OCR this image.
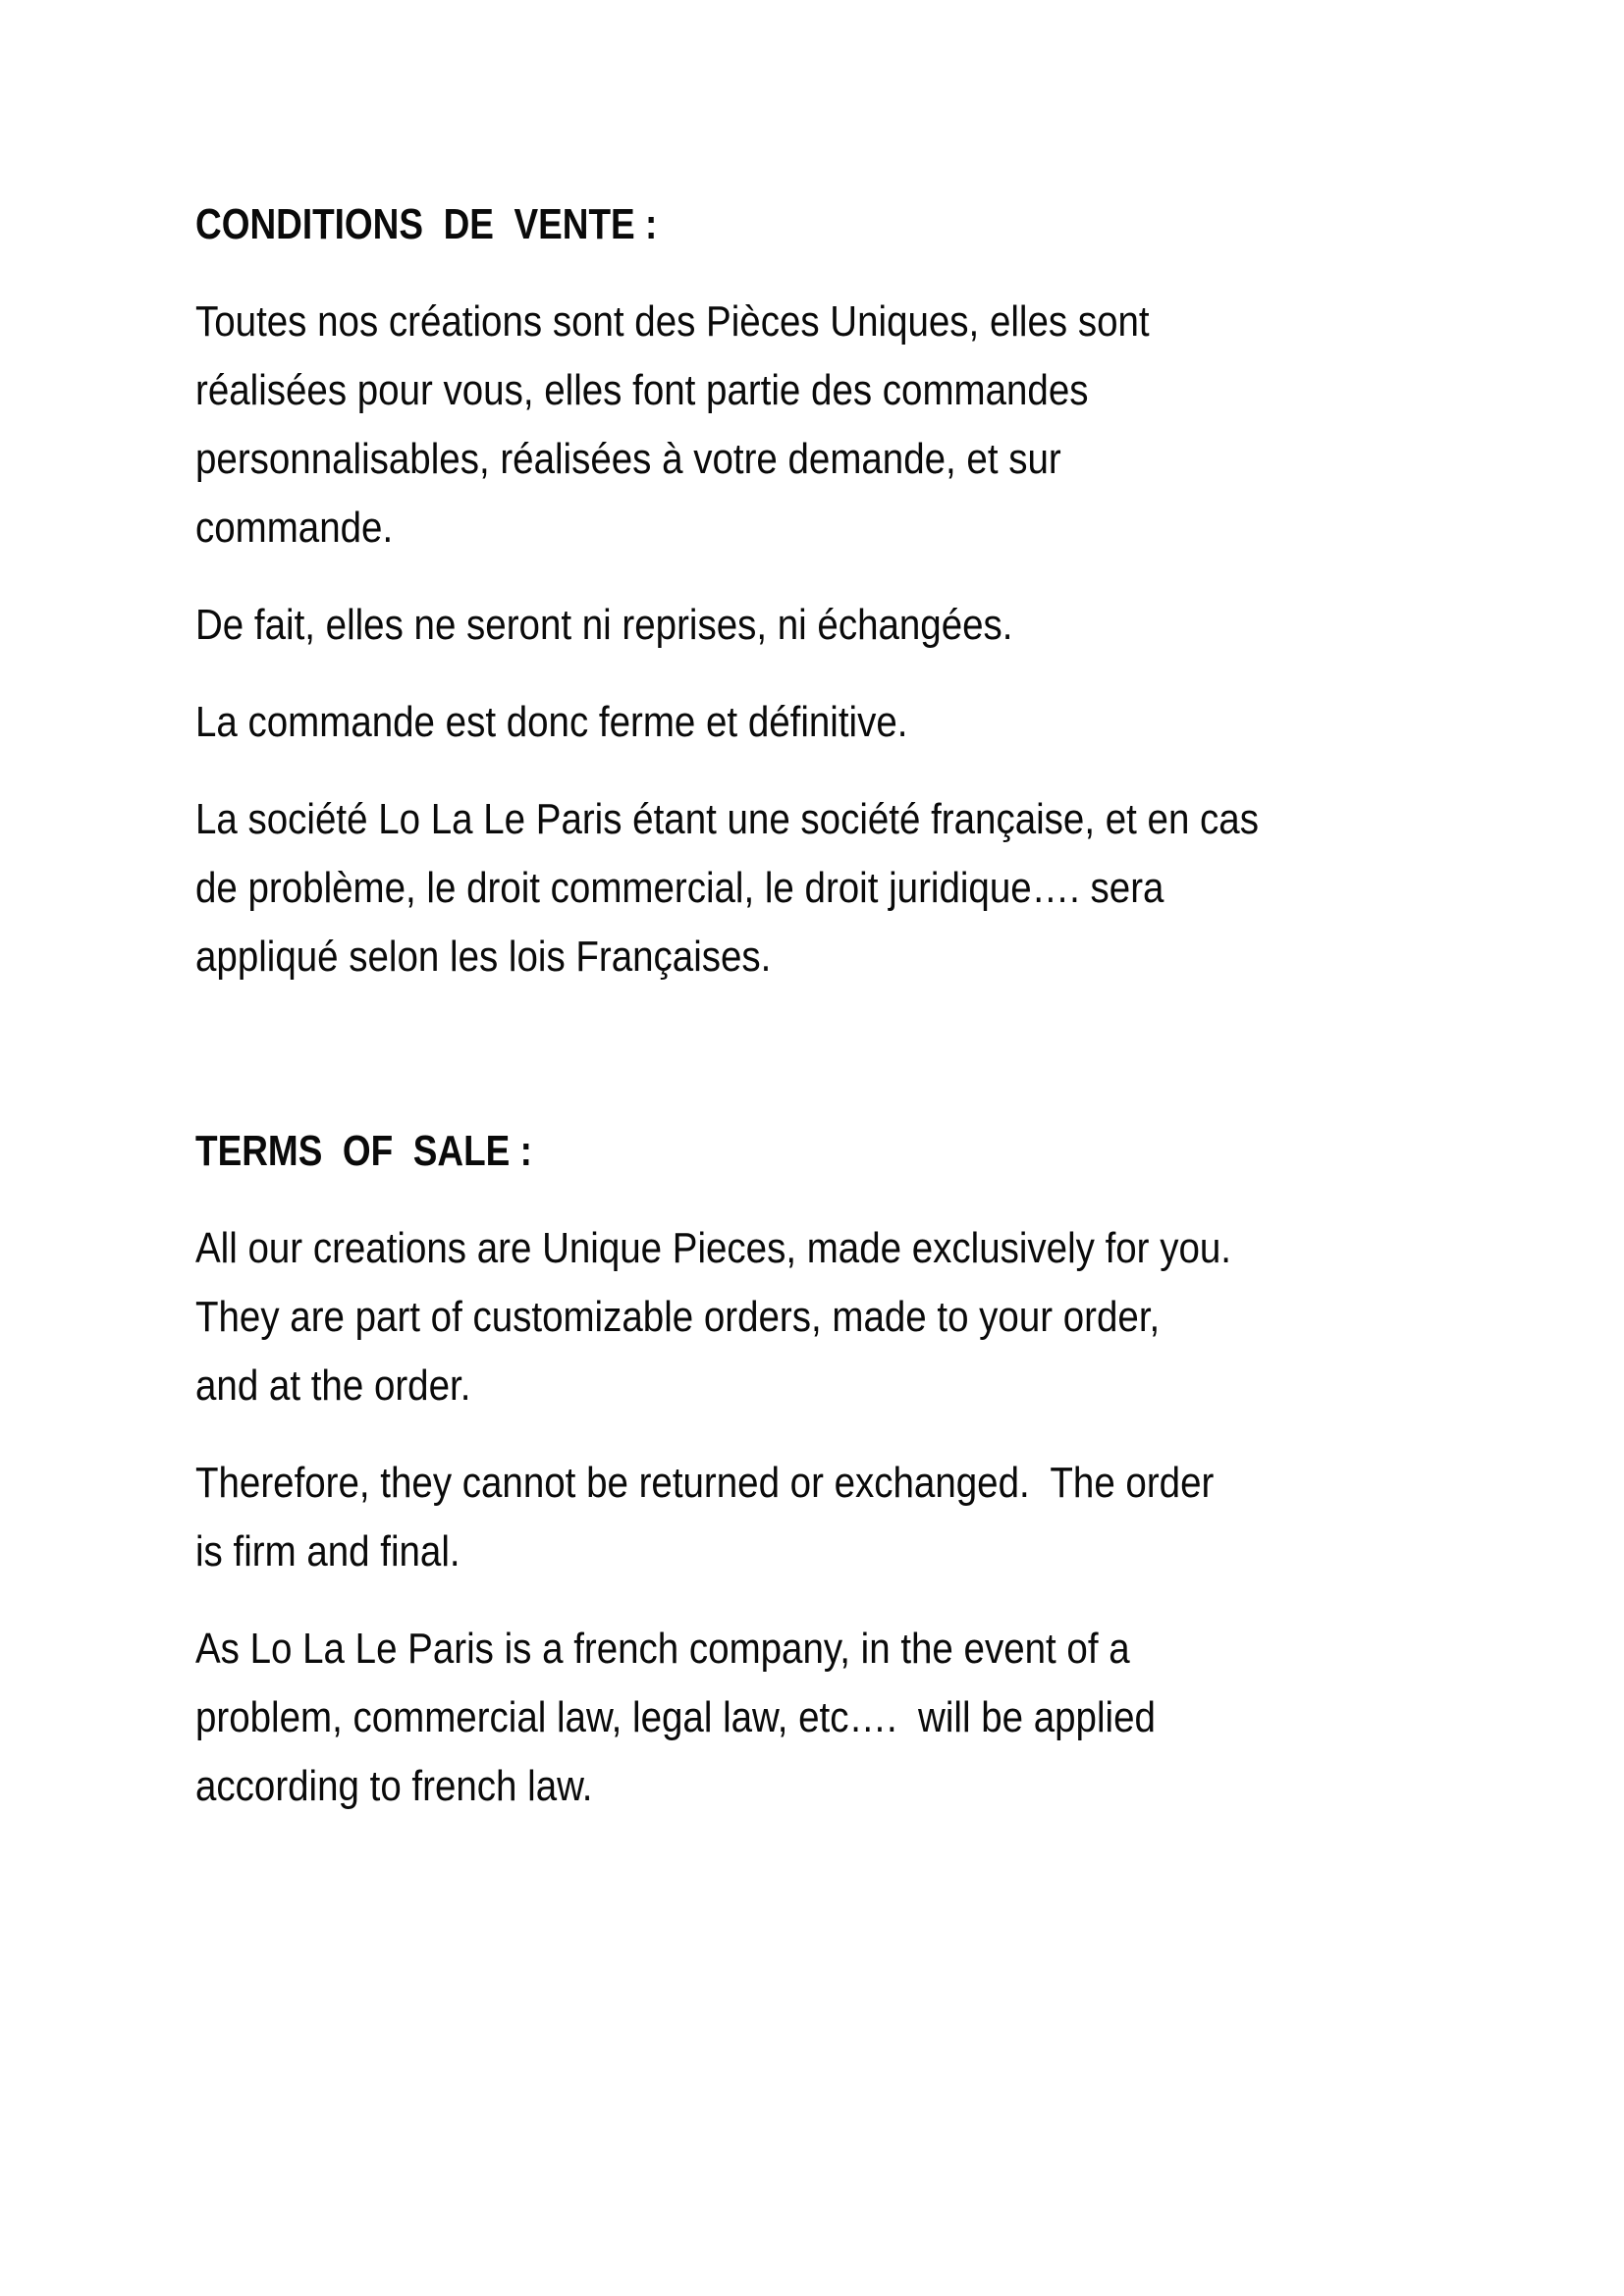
CONDITIONS  DE  VENTE :

Toutes nos créations sont des Pièces Uniques, elles sont
réalisées pour vous, elles font partie des commandes
personnalisables, réalisées à votre demande, et sur
commande.

De fait, elles ne seront ni reprises, ni échangées.

La commande est donc ferme et définitive.

La société Lo La Le Paris étant une société française, et en cas
de problème, le droit commercial, le droit juridique…. sera
appliqué selon les lois Françaises.

TERMS  OF  SALE :

All our creations are Unique Pieces, made exclusively for you.
They are part of customizable orders, made to your order,
and at the order.

Therefore, they cannot be returned or exchanged.  The order
is firm and final.

As Lo La Le Paris is a french company, in the event of a
problem, commercial law, legal law, etc….  will be applied
according to french law.
